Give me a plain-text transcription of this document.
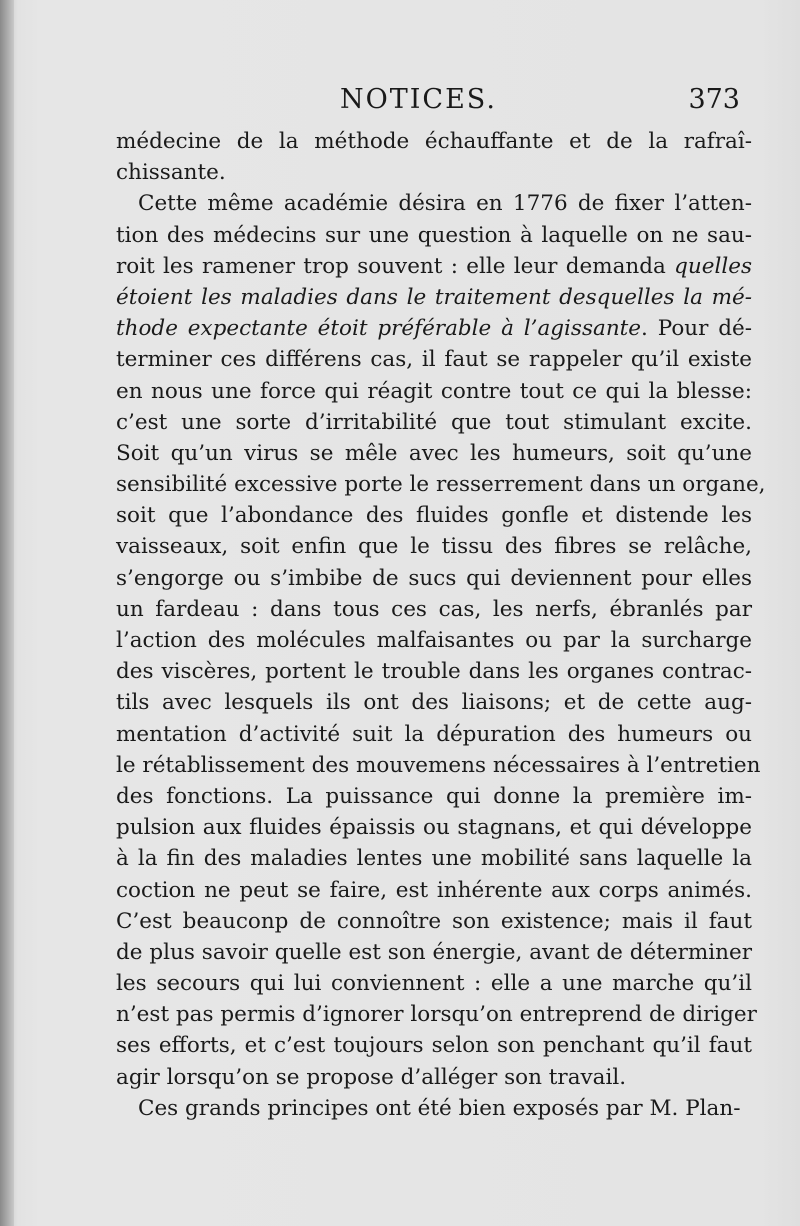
NOTICES.	373
médecine de la méthode échauffante et de la rafraî-
chissante.
Cette même académie désira en 1776 de fixer l’atten-
tion des médecins sur une question à laquelle on ne sau-
roit les ramener trop souvent : elle leur demanda quelles
étoient les maladies dans le traitement desquelles la mé-
thode expectante étoit préférable à l’agissante. Pour dé-
terminer ces différens cas, il faut se rappeler qu’il existe
en nous une force qui réagit contre tout ce qui la blesse:
c’est une sorte d’irritabilité que tout stimulant excite.
Soit qu’un virus se mêle avec les humeurs, soit qu’une
sensibilité excessive porte le resserrement dans un organe,
soit que l’abondance des fluides gonfle et distende les
vaisseaux, soit enfin que le tissu des fibres se relâche,
s’engorge ou s’imbibe de sucs qui deviennent pour elles
un fardeau : dans tous ces cas, les nerfs, ébranlés par
l’action des molécules malfaisantes ou par la surcharge
des viscères, portent le trouble dans les organes contrac-
tils avec lesquels ils ont des liaisons; et de cette aug-
mentation d’activité suit la dépuration des humeurs ou
le rétablissement des mouvemens nécessaires à l’entretien
des fonctions. La puissance qui donne la première im-
pulsion aux fluides épaissis ou stagnans, et qui développe
à la fin des maladies lentes une mobilité sans laquelle la
coction ne peut se faire, est inhérente aux corps animés.
C’est beauconp de connoître son existence; mais il faut
de plus savoir quelle est son énergie, avant de déterminer
les secours qui lui conviennent : elle a une marche qu’il
n’est pas permis d’ignorer lorsqu’on entreprend de diriger
ses efforts, et c’est toujours selon son penchant qu’il faut
agir lorsqu’on se propose d’alléger son travail.
Ces grands principes ont été bien exposés par M. Plan-
